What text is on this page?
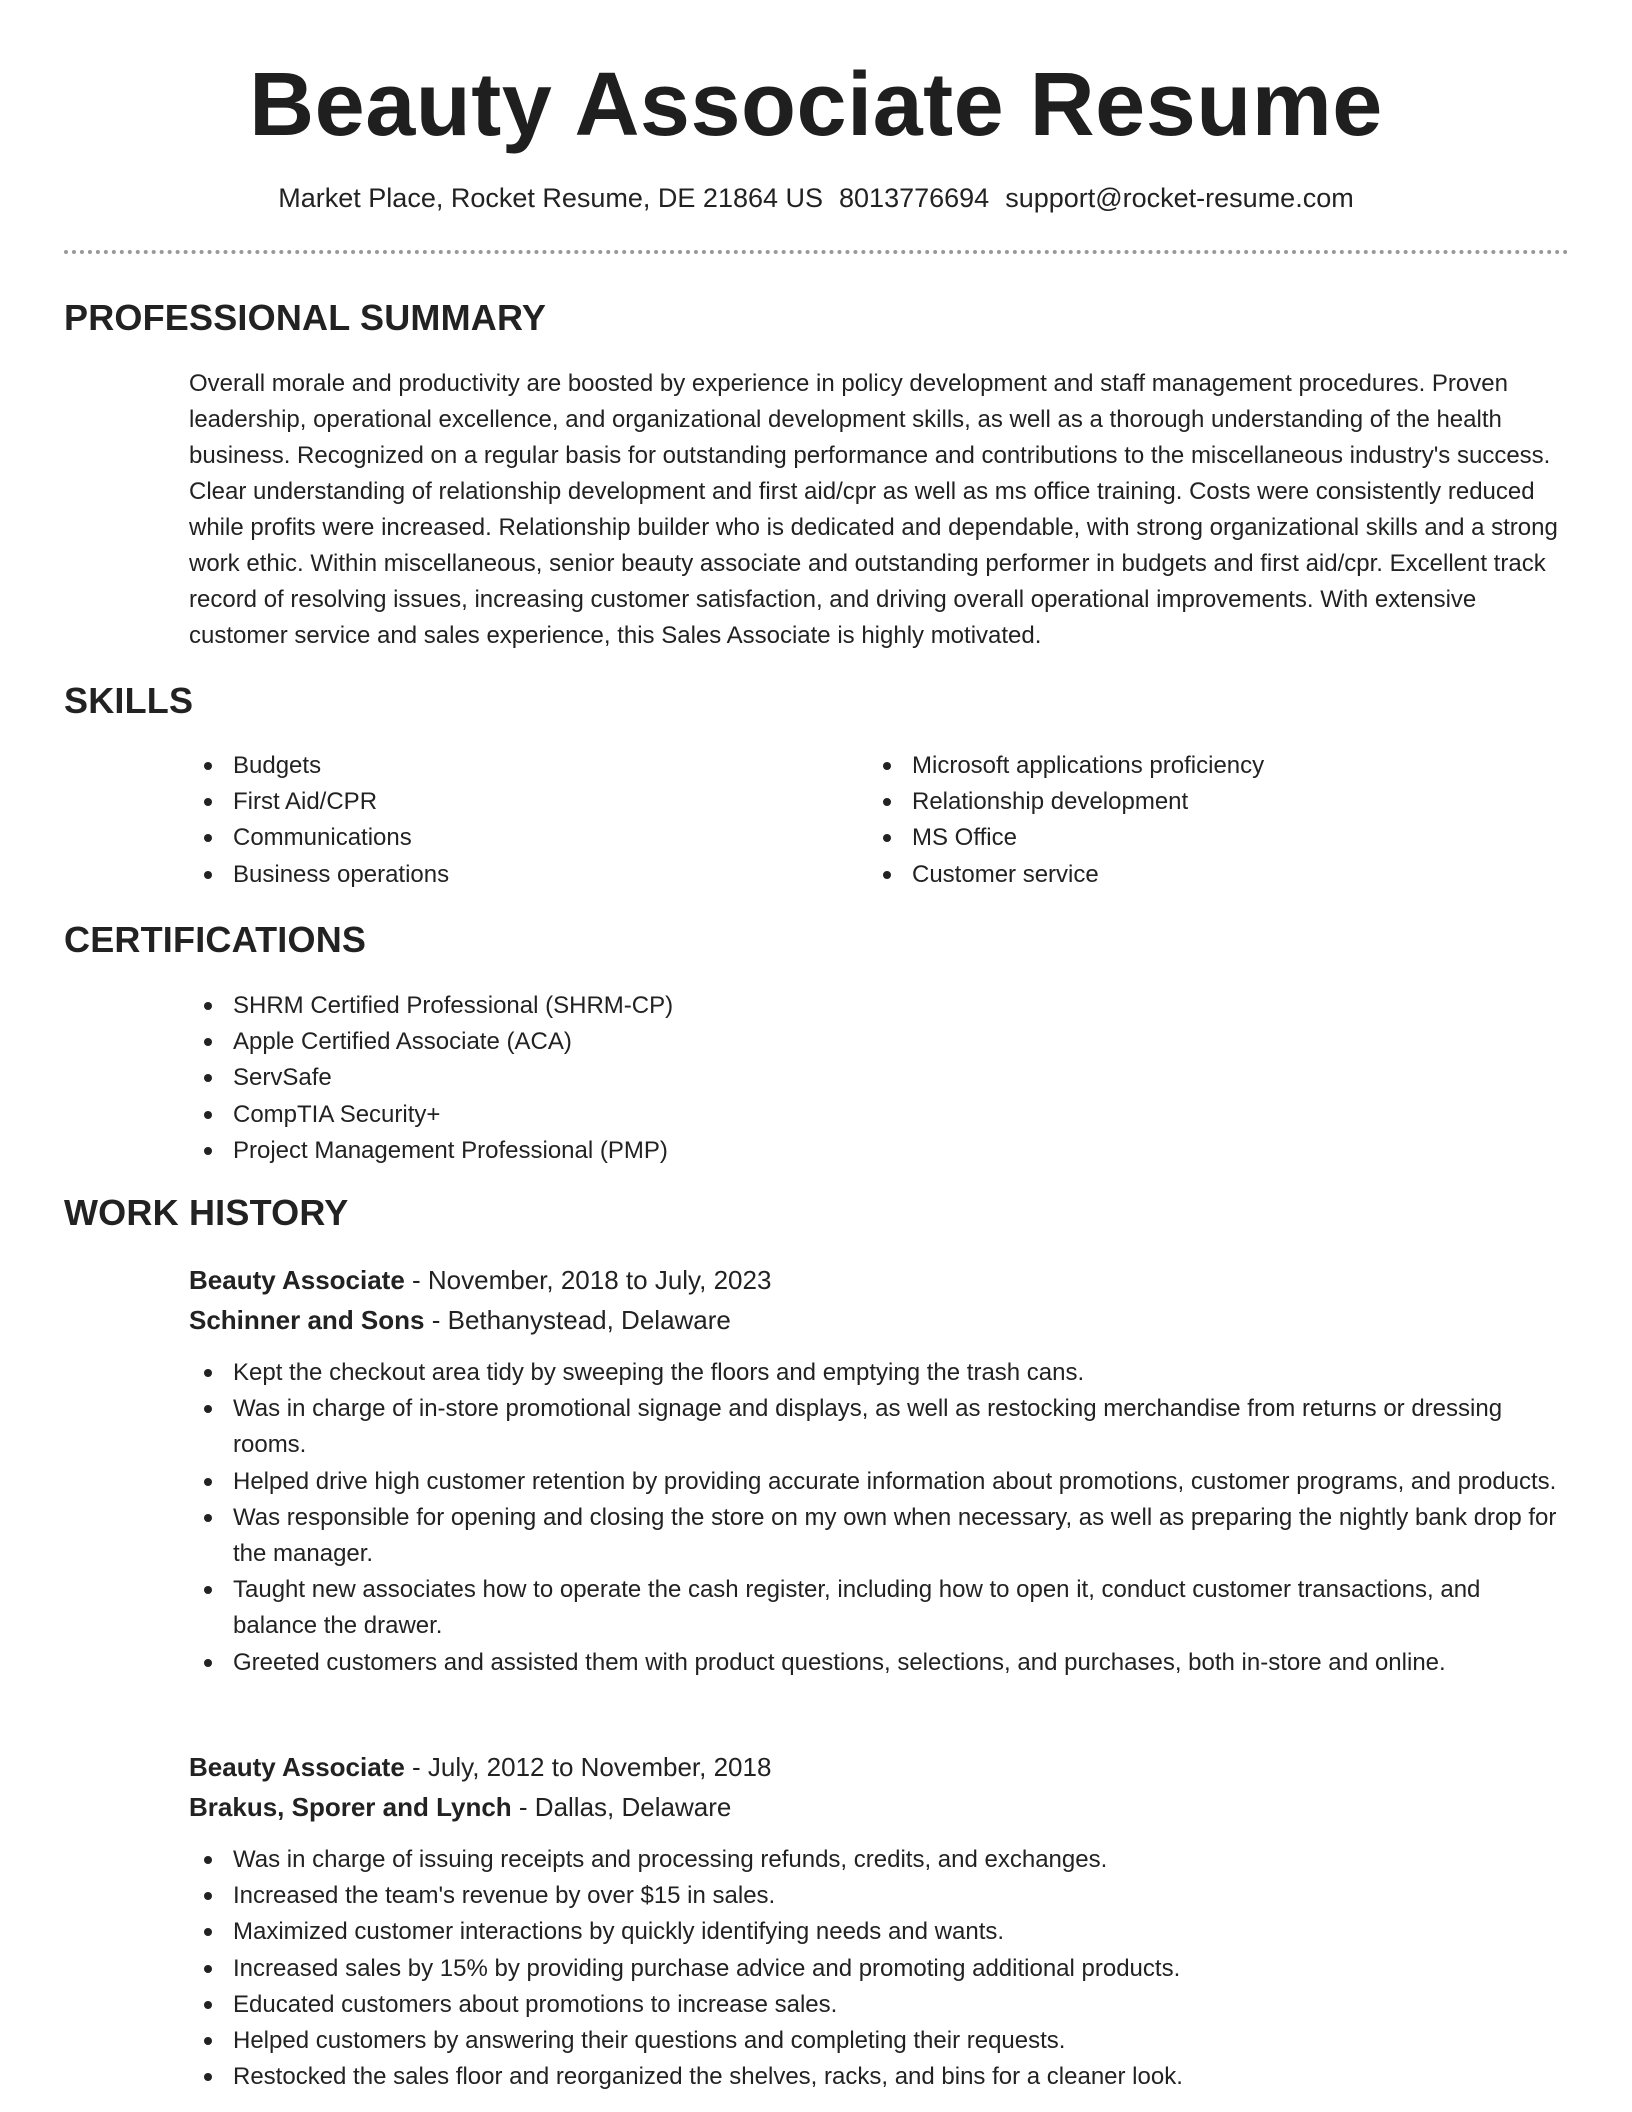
Beauty Associate Resume
Market Place, Rocket Resume, DE 21864 US 8013776694 support@rocket-resume.com
PROFESSIONAL SUMMARY

Overall morale and productivity are boosted by experience in policy development and staff management procedures. Proven leadership, operational excellence, and organizational development skills, as well as a thorough understanding of the health business. Recognized on a regular basis for outstanding performance and contributions to the miscellaneous industry's success. Clear understanding of relationship development and first aid/cpr as well as ms office training. Costs were consistently reduced while profits were increased. Relationship builder who is dedicated and dependable, with strong organizational skills and a strong work ethic. Within miscellaneous, senior beauty associate and outstanding performer in budgets and first aid/cpr. Excellent track record of resolving issues, increasing customer satisfaction, and driving overall operational improvements. With extensive customer service and sales experience, this Sales Associate is highly motivated.

SKILLS
Budgets
First Aid/CPR
Communications
Business operations
Microsoft applications proficiency
Relationship development
MS Office
Customer service
CERTIFICATIONS
SHRM Certified Professional (SHRM-CP)
Apple Certified Associate (ACA)
ServSafe
CompTIA Security+
Project Management Professional (PMP)
WORK HISTORY
Beauty Associate - November, 2018 to July, 2023
Schinner and Sons - Bethanystead, Delaware
Kept the checkout area tidy by sweeping the floors and emptying the trash cans.
Was in charge of in-store promotional signage and displays, as well as restocking merchandise from returns or dressing rooms.
Helped drive high customer retention by providing accurate information about promotions, customer programs, and products.
Was responsible for opening and closing the store on my own when necessary, as well as preparing the nightly bank drop for the manager.
Taught new associates how to operate the cash register, including how to open it, conduct customer transactions, and balance the drawer.
Greeted customers and assisted them with product questions, selections, and purchases, both in-store and online.
Beauty Associate - July, 2012 to November, 2018
Brakus, Sporer and Lynch - Dallas, Delaware
Was in charge of issuing receipts and processing refunds, credits, and exchanges.
Increased the team's revenue by over $15 in sales.
Maximized customer interactions by quickly identifying needs and wants.
Increased sales by 15% by providing purchase advice and promoting additional products.
Educated customers about promotions to increase sales.
Helped customers by answering their questions and completing their requests.
Restocked the sales floor and reorganized the shelves, racks, and bins for a cleaner look.
